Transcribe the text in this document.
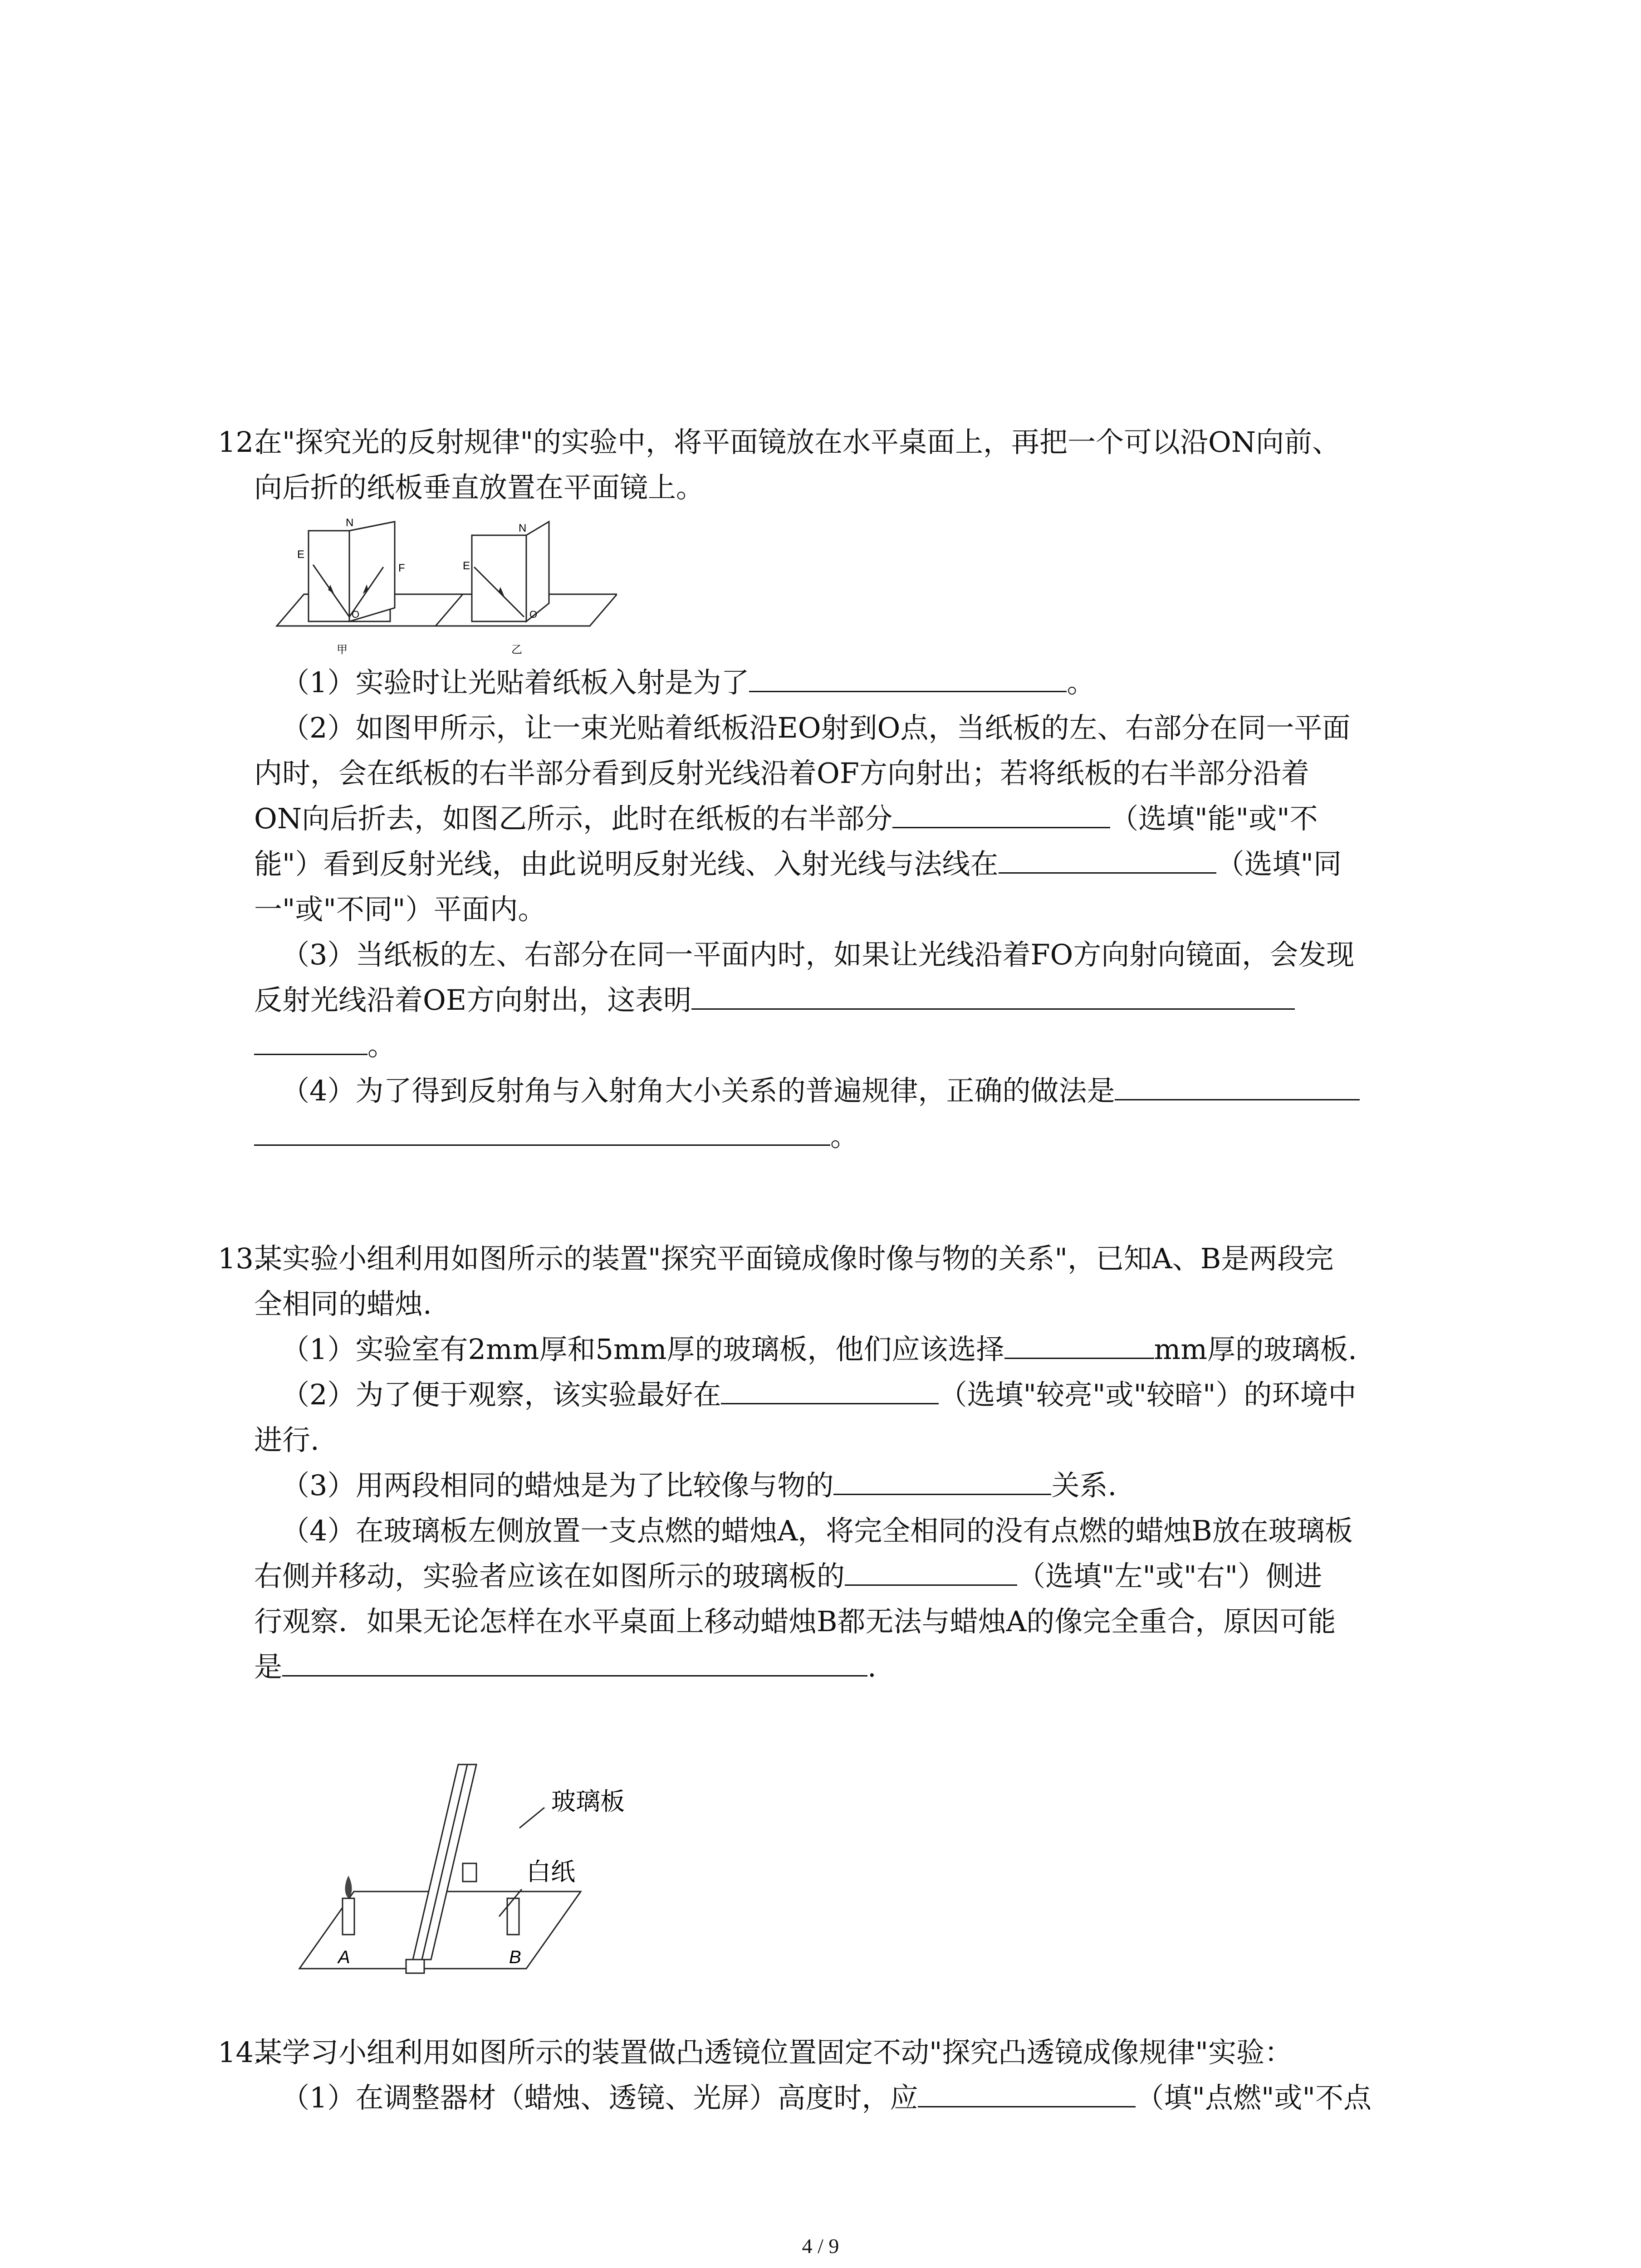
12.
在"探究光的反射规律"的实验中，将平面镜放在水平桌面上，再把一个可以沿ON向前、
向后折的纸板垂直放置在平面镜上。
N
E
F
O
甲
N
E
O
乙
（1）实验时让光贴着纸板入射是为了	。
（2）如图甲所示，让一束光贴着纸板沿EO射到O点，当纸板的左、右部分在同一平面
内时，会在纸板的右半部分看到反射光线沿着OF方向射出；若将纸板的右半部分沿着
ON向后折去，如图乙所示，此时在纸板的右半部分	（选填"能"或"不
能"）看到反射光线，由此说明反射光线、入射光线与法线在	（选填"同
一"或"不同"）平面内。
（3）当纸板的左、右部分在同一平面内时，如果让光线沿着FO方向射向镜面，会发现
反射光线沿着OE方向射出，这表明
。
（4）为了得到反射角与入射角大小关系的普遍规律，正确的做法是
。
13.
某实验小组利用如图所示的装置"探究平面镜成像时像与物的关系"，已知A、B是两段完
全相同的蜡烛.
（1）实验室有2mm厚和5mm厚的玻璃板，他们应该选择	mm厚的玻璃板.
（2）为了便于观察，该实验最好在	（选填"较亮"或"较暗"）的环境中
进行.
（3）用两段相同的蜡烛是为了比较像与物的	关系.
（4）在玻璃板左侧放置一支点燃的蜡烛A，将完全相同的没有点燃的蜡烛B放在玻璃板
右侧并移动，实验者应该在如图所示的玻璃板的	（选填"左"或"右"）侧进
行观察．如果无论怎样在水平桌面上移动蜡烛B都无法与蜡烛A的像完全重合，原因可能
是	.
玻璃板
白纸
A	B
14.
某学习小组利用如图所示的装置做凸透镜位置固定不动"探究凸透镜成像规律"实验：
（1）在调整器材（蜡烛、透镜、光屏）高度时，应	（填"点燃"或"不点
4 / 9
